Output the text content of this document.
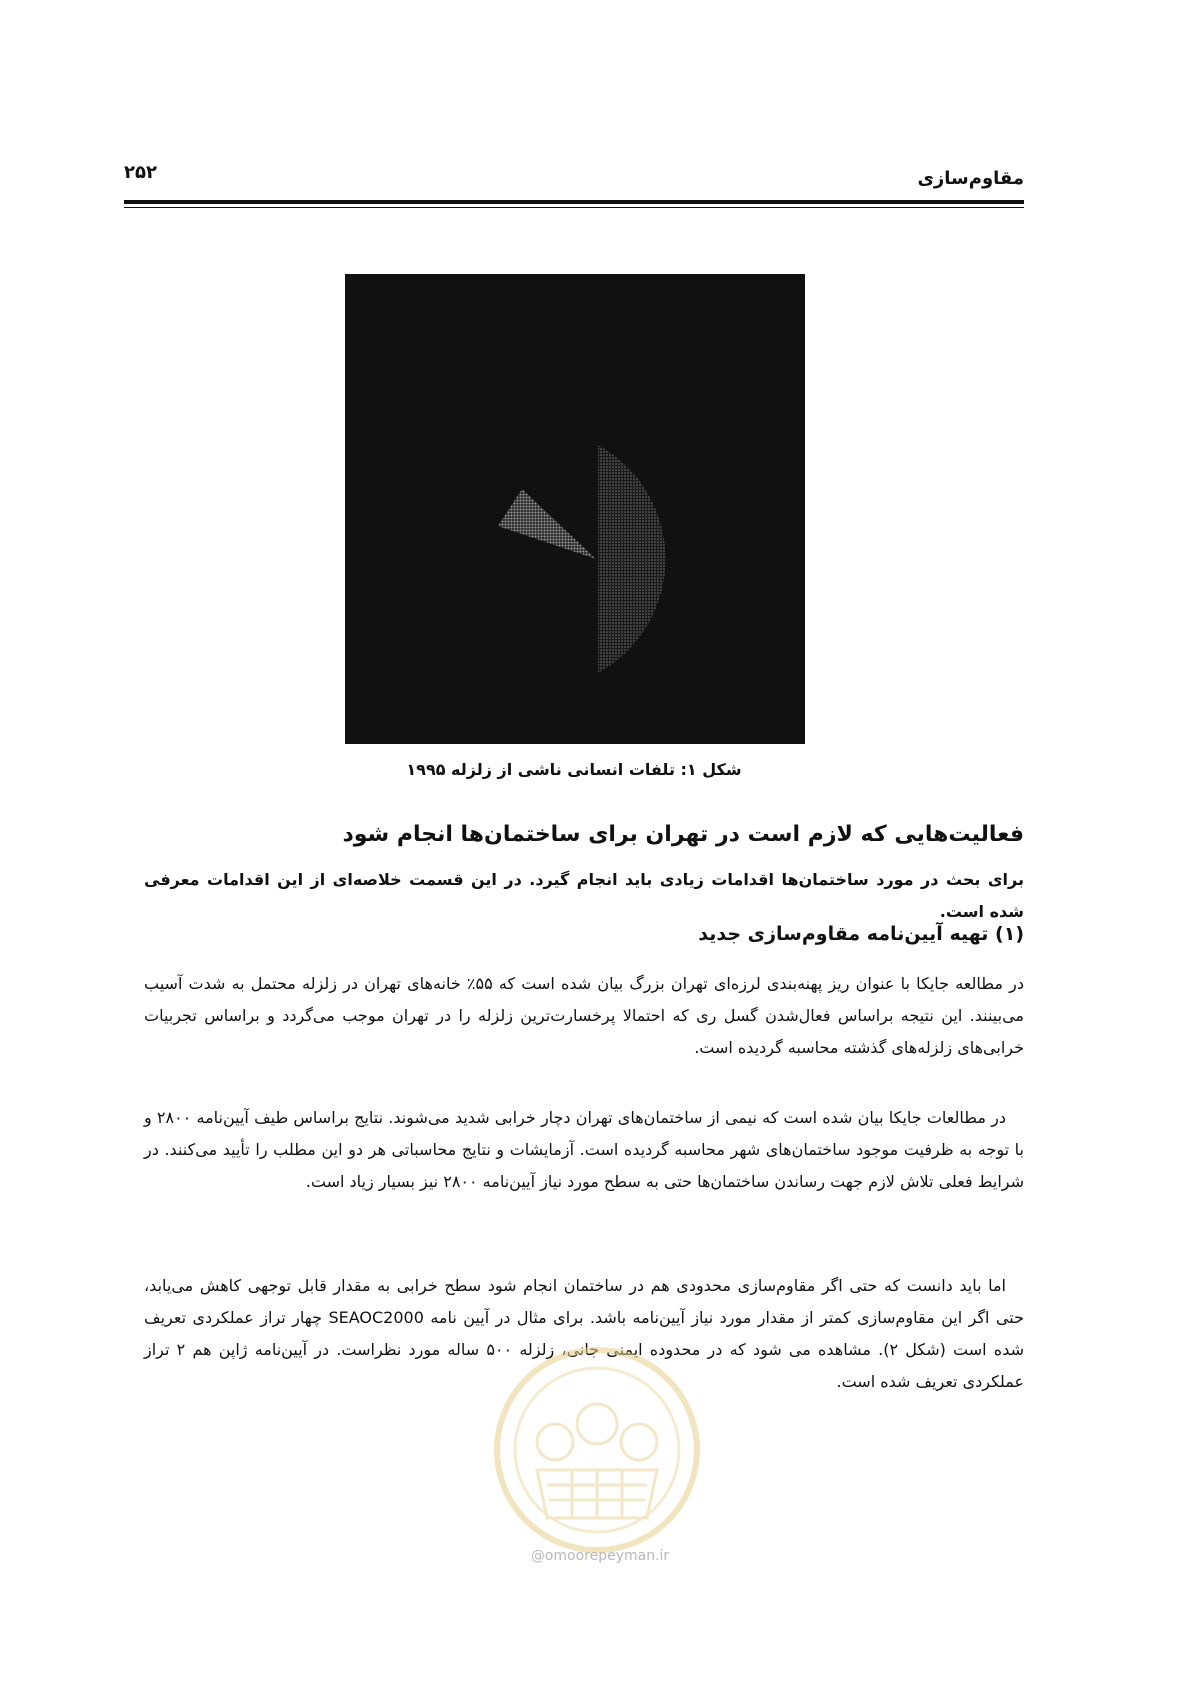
مقاوم‌سازی
۲۵۲
شکل ۱: تلفات انسانی ناشی از زلزله ۱۹۹۵
فعالیت‌هایی که لازم است در تهران برای ساختمان‌ها انجام شود
برای بحث در مورد ساختمان‌ها اقدامات زیادی باید انجام گیرد. در این قسمت خلاصه‌ای از این اقدامات معرفی شده است.
(۱) تهیه آیین‌نامه مقاوم‌سازی جدید
در مطالعه جایکا با عنوان ریز پهنه‌بندی لرزه‌ای تهران بزرگ بیان شده است که ۵۵٪ خانه‌های تهران در زلزله محتمل به شدت آسیب می‌بینند. این نتیجه براساس فعال‌شدن گسل ری که احتمالا پرخسارت‌ترین زلزله را در تهران موجب می‌گردد و براساس تجربیات خرابی‌های زلزله‌های گذشته محاسبه گردیده است.
در مطالعات جایکا بیان شده است که نیمی از ساختمان‌های تهران دچار خرابی شدید می‌شوند. نتایج براساس طیف آیین‌نامه ۲۸۰۰ و با توجه به ظرفیت موجود ساختمان‌های شهر محاسبه گردیده است. آزمایشات و نتایج محاسباتی هر دو این مطلب را تأیید می‌کنند. در شرایط فعلی تلاش لازم جهت رساندن ساختمان‌ها حتی به سطح مورد نیاز آیین‌نامه ۲۸۰۰ نیز بسیار زیاد است.
اما باید دانست که حتی اگر مقاوم‌سازی محدودی هم در ساختمان انجام شود سطح خرابی به مقدار قابل توجهی کاهش می‌یابد، حتی اگر این مقاوم‌سازی کمتر از مقدار مورد نیاز آیین‌نامه باشد. برای مثال در آیین نامه SEAOC2000 چهار تراز عملکردی تعریف شده است (شکل ۲). مشاهده می شود که در محدوده ایمنی جانی، زلزله ۵۰۰ ساله مورد نظراست. در آیین‌نامه ژاپن هم ۲ تراز عملکردی تعریف شده است.
@omoorepeyman.ir
